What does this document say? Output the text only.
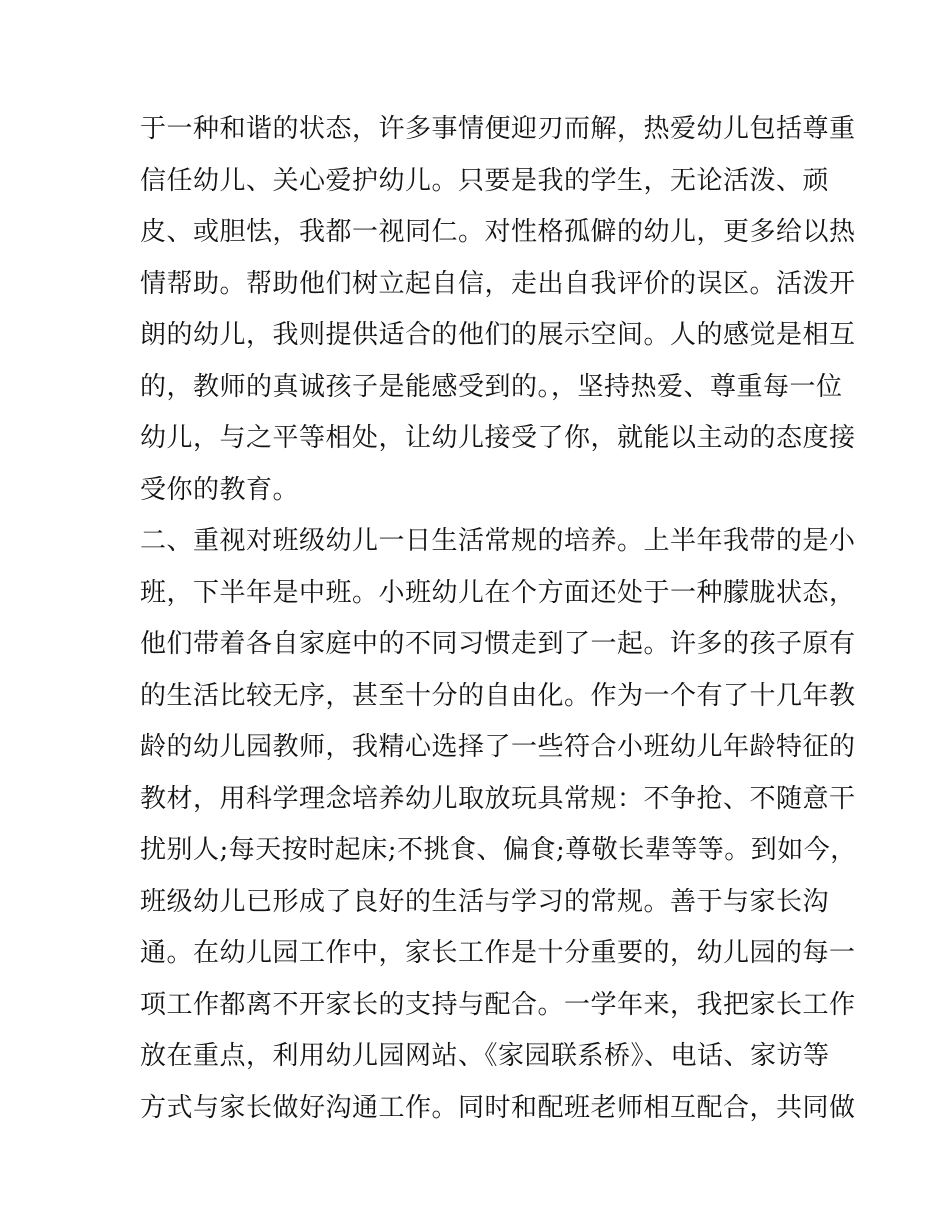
于一种和谐的状态，许多事情便迎刃而解，热爱幼儿包括尊重
信任幼儿、关心爱护幼儿。只要是我的学生，无论活泼、顽
皮、或胆怯，我都一视同仁。对性格孤僻的幼儿，更多给以热
情帮助。帮助他们树立起自信，走出自我评价的误区。活泼开
朗的幼儿，我则提供适合的他们的展示空间。人的感觉是相互
的，教师的真诚孩子是能感受到的。，坚持热爱、尊重每一位
幼儿，与之平等相处，让幼儿接受了你，就能以主动的态度接
受你的教育。
二、重视对班级幼儿一日生活常规的培养。上半年我带的是小
班，下半年是中班。小班幼儿在个方面还处于一种朦胧状态，
他们带着各自家庭中的不同习惯走到了一起。许多的孩子原有
的生活比较无序，甚至十分的自由化。作为一个有了十几年教
龄的幼儿园教师，我精心选择了一些符合小班幼儿年龄特征的
教材，用科学理念培养幼儿取放玩具常规：不争抢、不随意干
扰别人;每天按时起床;不挑食、偏食;尊敬长辈等等。到如今，
班级幼儿已形成了良好的生活与学习的常规。善于与家长沟
通。在幼儿园工作中，家长工作是十分重要的，幼儿园的每一
项工作都离不开家长的支持与配合。一学年来，我把家长工作
放在重点，利用幼儿园网站、《家园联系桥》、电话、家访等
方式与家长做好沟通工作。同时和配班老师相互配合，共同做
